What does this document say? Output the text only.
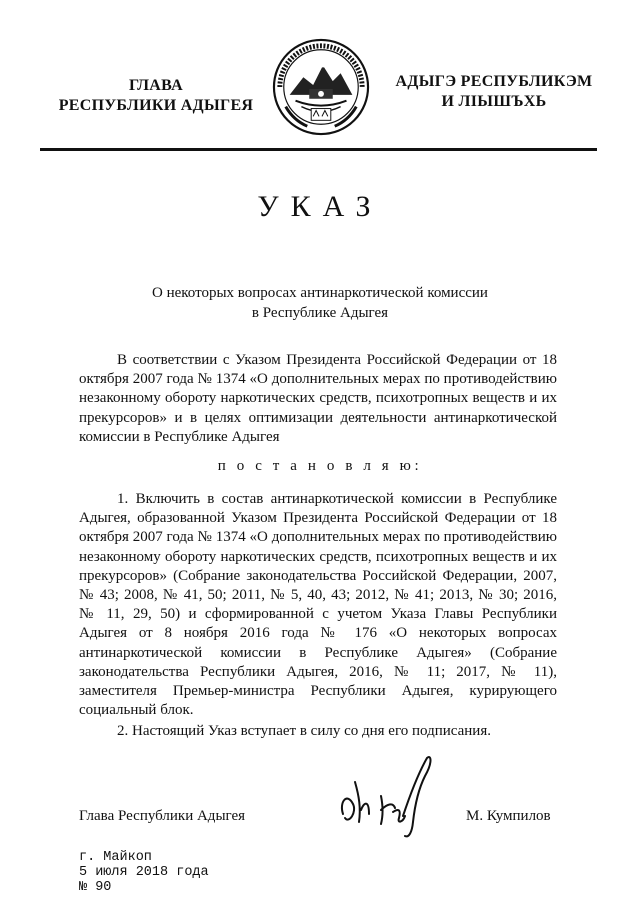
ГЛАВА
РЕСПУБЛИКИ АДЫГЕЯ
АДЫГЭ РЕСПУБЛИКЭМ
И ЛІЫШЪХЬ
УКАЗ
О некоторых вопросах антинаркотической комиссии
в Республике Адыгея
В соответствии с Указом Президента Российской Федерации от 18
октября 2007 года № 1374 «О дополнительных мерах по противодействию
незаконному обороту наркотических средств, психотропных веществ и их
прекурсоров» и в целях оптимизации деятельности антинаркотической
комиссии в Республике Адыгея
п о с т а н о в л я ю:
1. Включить в состав антинаркотической комиссии в Республике
Адыгея, образованной Указом Президента Российской Федерации от 18
октября 2007 года № 1374 «О дополнительных мерах по противодействию
незаконному обороту наркотических средств, психотропных веществ и их
прекурсоров» (Собрание законодательства Российской Федерации, 2007,
№ 43; 2008, № 41, 50; 2011, № 5, 40, 43; 2012, № 41; 2013, № 30; 2016,
№ 11, 29, 50) и сформированной с учетом Указа Главы Республики
Адыгея от 8 ноября 2016 года № 176 «О некоторых вопросах
антинаркотической комиссии в Республике Адыгея» (Собрание
законодательства Республики Адыгея, 2016, № 11; 2017, № 11),
заместителя Премьер-министра Республики Адыгея, курирующего
социальный блок.
2. Настоящий Указ вступает в силу со дня его подписания.
Глава Республики Адыгея	М. Кумпилов
г. Майкоп
5 июля 2018 года
№ 90
